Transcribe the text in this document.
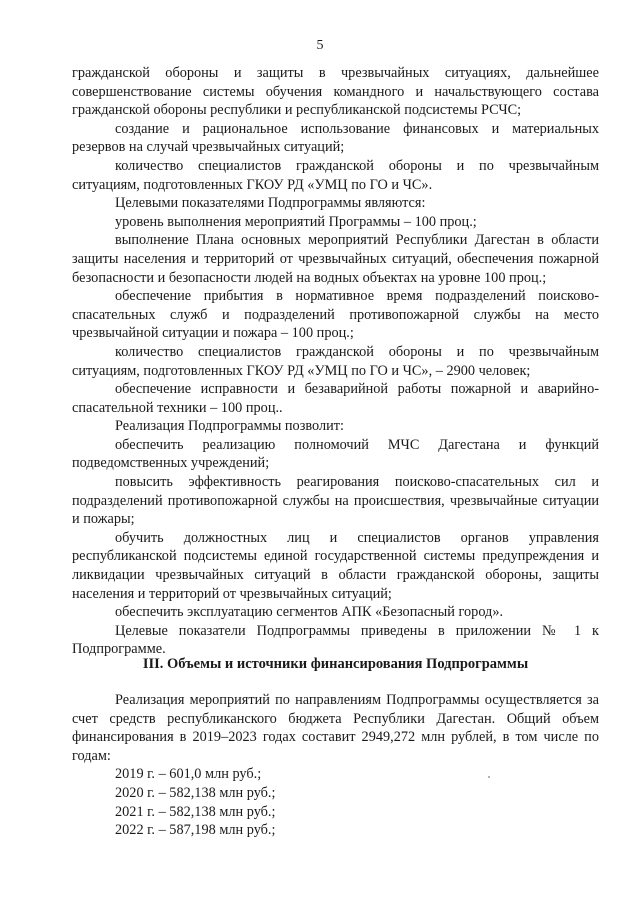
5

гражданской обороны и защиты в чрезвычайных ситуациях, дальнейшее совершенствование системы обучения командного и начальствующего состава гражданской обороны республики и республиканской подсистемы РСЧС;

создание и рациональное использование финансовых и материальных резервов на случай чрезвычайных ситуаций;

количество специалистов гражданской обороны и по чрезвычайным ситуациям, подготовленных ГКОУ РД «УМЦ по ГО и ЧС».

Целевыми показателями Подпрограммы являются:

уровень выполнения мероприятий Программы – 100 проц.;

выполнение Плана основных мероприятий Республики Дагестан в области защиты населения и территорий от чрезвычайных ситуаций, обеспечения пожарной безопасности и безопасности людей на водных объектах на уровне 100 проц.;

обеспечение прибытия в нормативное время подразделений поисково-спасательных служб и подразделений противопожарной службы на место чрезвычайной ситуации и пожара – 100 проц.;

количество специалистов гражданской обороны и по чрезвычайным ситуациям, подготовленных ГКОУ РД «УМЦ по ГО и ЧС», – 2900 человек;

обеспечение исправности и безаварийной работы пожарной и аварийно-спасательной техники – 100 проц..

Реализация Подпрограммы позволит:

обеспечить реализацию полномочий МЧС Дагестана и функций подведомственных учреждений;

повысить эффективность реагирования поисково-спасательных сил и подразделений противопожарной службы на происшествия, чрезвычайные ситуации и пожары;

обучить должностных лиц и специалистов органов управления республиканской подсистемы единой государственной системы предупреждения и ликвидации чрезвычайных ситуаций в области гражданской обороны, защиты населения и территорий от чрезвычайных ситуаций;

обеспечить эксплуатацию сегментов АПК «Безопасный город».

Целевые показатели Подпрограммы приведены в приложении № 1 к Подпрограмме.

III. Объемы и источники финансирования Подпрограммы

Реализация мероприятий по направлениям Подпрограммы осуществляется за счет средств республиканского бюджета Республики Дагестан. Общий объем финансирования в 2019–2023 годах составит 2949,272 млн рублей, в том числе по годам:

2019 г. – 601,0 млн руб.;

2020 г. – 582,138 млн руб.;

2021 г. – 582,138 млн руб.;

2022 г. – 587,198 млн руб.;
